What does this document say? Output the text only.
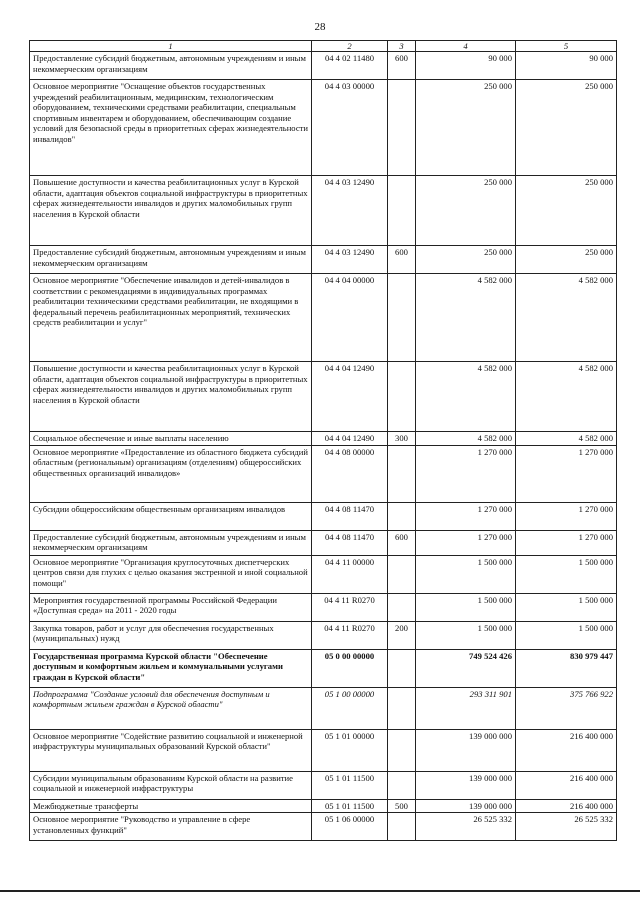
28
1	2	3	4	5
Предоставление субсидий бюджетным, автономным учреждениям и иным некоммерческим организациям	04 4 02 11480	600	90 000	90 000
Основное мероприятие "Оснащение объектов государственных учреждений реабилитационным, медицинским, технологическим оборудованием, техническими средствами реабилитации, специальным спортивным инвентарем и оборудованием, обеспечивающим создание условий для безопасной среды в приоритетных сферах жизнедеятельности инвалидов"	04 4 03 00000		250 000	250 000
Повышение доступности и качества реабилитационных услуг в Курской области, адаптация объектов социальной инфраструктуры в приоритетных сферах жизнедеятельности инвалидов и других маломобильных групп населения в Курской области	04 4 03 12490		250 000	250 000
Предоставление субсидий бюджетным, автономным учреждениям и иным некоммерческим организациям	04 4 03 12490	600	250 000	250 000
Основное мероприятие "Обеспечение инвалидов и детей-инвалидов в соответствии с рекомендациями в индивидуальных программах реабилитации техническими средствами реабилитации, не входящими в федеральный перечень реабилитационных мероприятий, технических средств реабилитации и услуг"	04 4 04 00000		4 582 000	4 582 000
Повышение доступности и качества реабилитационных услуг в Курской области, адаптация объектов социальной инфраструктуры в приоритетных сферах жизнедеятельности инвалидов и других маломобильных групп населения в Курской области	04 4 04 12490		4 582 000	4 582 000
Социальное обеспечение и иные выплаты населению	04 4 04 12490	300	4 582 000	4 582 000
Основное мероприятие «Предоставление из областного бюджета субсидий областным (региональным) организациям (отделениям) общероссийских общественных организаций инвалидов»	04 4 08 00000		1 270 000	1 270 000
Субсидии общероссийским общественным организациям инвалидов	04 4 08 11470		1 270 000	1 270 000
Предоставление субсидий бюджетным, автономным учреждениям и иным некоммерческим организациям	04 4 08 11470	600	1 270 000	1 270 000
Основное мероприятие "Организация круглосуточных диспетчерских центров связи для глухих с целью оказания экстренной и иной социальной помощи"	04 4 11 00000		1 500 000	1 500 000
Мероприятия государственной программы Российской Федерации «Доступная среда» на 2011 - 2020 годы	04 4 11 R0270		1 500 000	1 500 000
Закупка товаров, работ и услуг для обеспечения государственных (муниципальных) нужд	04 4 11 R0270	200	1 500 000	1 500 000
Государственная программа Курской области "Обеспечение доступным и комфортным жильем и коммунальными услугами граждан в Курской области"	05 0 00 00000		749 524 426	830 979 447
Подпрограмма "Создание условий для обеспечения доступным и комфортным жильем граждан в Курской области"	05 1 00 00000		293 311 901	375 766 922
Основное мероприятие "Содействие развитию социальной и инженерной инфраструктуры муниципальных образований Курской области"	05 1 01 00000		139 000 000	216 400 000
Субсидии муниципальным образованиям Курской области на развитие социальной и инженерной инфраструктуры	05 1 01 11500		139 000 000	216 400 000
Межбюджетные трансферты	05 1 01 11500	500	139 000 000	216 400 000
Основное мероприятие "Руководство и управление в сфере установленных функций"	05 1 06 00000		26 525 332	26 525 332
